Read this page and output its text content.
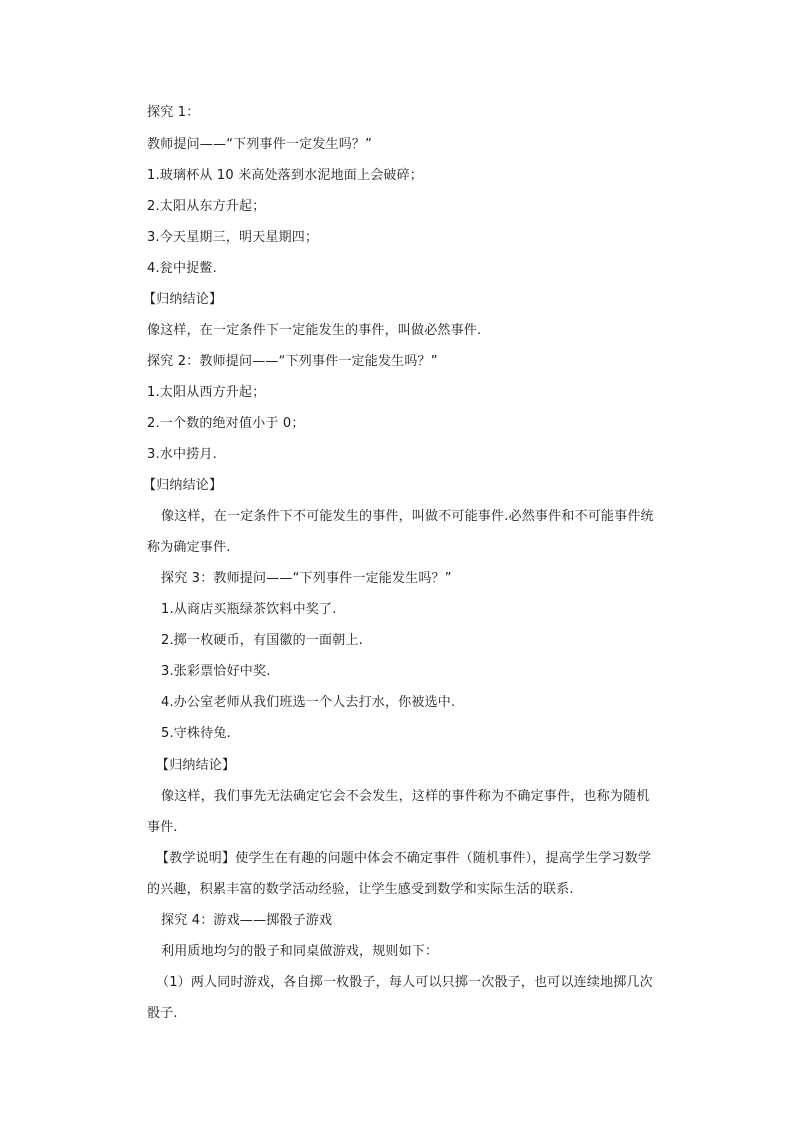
探究 1：
教师提问——“下列事件一定发生吗？”
1.玻璃杯从 10 米高处落到水泥地面上会破碎；
2.太阳从东方升起；
3.今天星期三，明天星期四；
4.瓮中捉鳖.
【归纳结论】
像这样，在一定条件下一定能发生的事件，叫做必然事件.
探究 2：教师提问——“下列事件一定能发生吗？”
1.太阳从西方升起；
2.一个数的绝对值小于 0；
3.水中捞月.
【归纳结论】
像这样，在一定条件下不可能发生的事件，叫做不可能事件.必然事件和不可能事件统
称为确定事件.
探究 3：教师提问——“下列事件一定能发生吗？”
1.从商店买瓶绿茶饮料中奖了.
2.掷一枚硬币，有国徽的一面朝上.
3.张彩票恰好中奖.
4.办公室老师从我们班选一个人去打水，你被选中.
5.守株待兔.
【归纳结论】
像这样，我们事先无法确定它会不会发生，这样的事件称为不确定事件，也称为随机
事件.
【教学说明】使学生在有趣的问题中体会不确定事件（随机事件），提高学生学习数学
的兴趣，积累丰富的数学活动经验，让学生感受到数学和实际生活的联系.
探究 4：游戏——掷骰子游戏
利用质地均匀的骰子和同桌做游戏，规则如下：
（1）两人同时游戏，各自掷一枚骰子，每人可以只掷一次骰子，也可以连续地掷几次
骰子.
